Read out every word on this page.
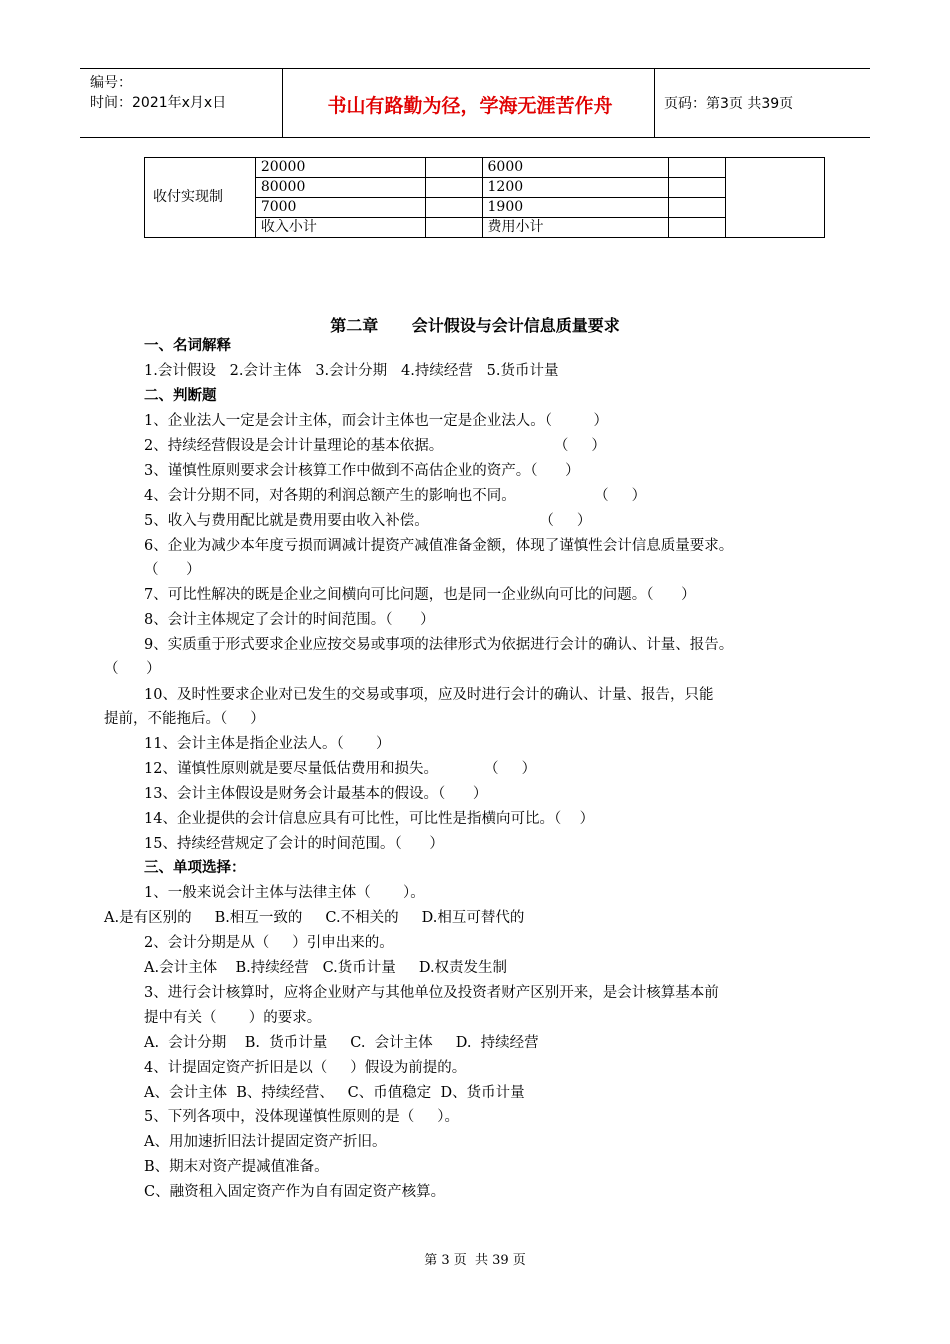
编号：
时间：2021年x月x日	书山有路勤为径，学海无涯苦作舟	页码：第3页 共39页
收付实现制	20000		6000		
	80000		1200		
	7000		1900		
	收入小计		费用小计		
第二章      会计假设与会计信息质量要求
一、名词解释
1.会计假设   2.会计主体   3.会计分期   4.持续经营   5.货币计量
二、判断题
1、企业法人一定是会计主体，而会计主体也一定是企业法人。（         ）
2、持续经营假设是会计计量理论的基本依据。                        （     ）
3、谨慎性原则要求会计核算工作中做到不高估企业的资产。（      ）
4、会计分期不同，对各期的利润总额产生的影响也不同。                 （     ）
5、收入与费用配比就是费用要由收入补偿。                        （     ）
6、企业为减少本年度亏损而调减计提资产减值准备金额，体现了谨慎性会计信息质量要求。
（      ）
7、可比性解决的既是企业之间横向可比问题，也是同一企业纵向可比的问题。（      ）
8、会计主体规定了会计的时间范围。（      ）
9、实质重于形式要求企业应按交易或事项的法律形式为依据进行会计的确认、计量、报告。
（      ）
10、及时性要求企业对已发生的交易或事项，应及时进行会计的确认、计量、报告，只能
提前，不能拖后。（     ）
11、会计主体是指企业法人。（       ）
12、谨慎性原则就是要尽量低估费用和损失。          （     ）
13、会计主体假设是财务会计最基本的假设。（      ）
14、企业提供的会计信息应具有可比性，可比性是指横向可比。（    ）
15、持续经营规定了会计的时间范围。（      ）
三、单项选择：
1、一般来说会计主体与法律主体（       ）。
A.是有区别的     B.相互一致的     C.不相关的     D.相互可替代的
2、会计分期是从（     ）引申出来的。
A.会计主体    B.持续经营   C.货币计量     D.权责发生制
3、进行会计核算时，应将企业财产与其他单位及投资者财产区别开来，是会计核算基本前
提中有关（       ）的要求。
A.  会计分期    B.  货币计量     C.  会计主体     D.  持续经营
4、计提固定资产折旧是以（     ）假设为前提的。
A、会计主体  B、持续经营、   C、币值稳定  D、货币计量
5、下列各项中，没体现谨慎性原则的是（     ）。
A、用加速折旧法计提固定资产折旧。
B、期末对资产提减值准备。
C、融资租入固定资产作为自有固定资产核算。
第 3 页  共 39 页
